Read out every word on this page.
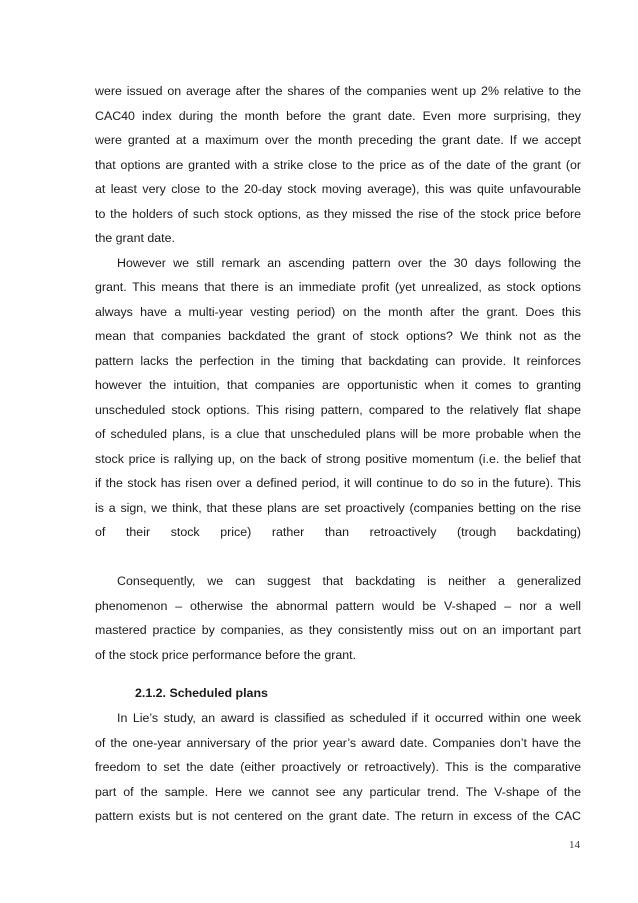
were issued on average after the shares of the companies went up 2% relative to the
CAC40 index during the month before the grant date. Even more surprising, they
were granted at a maximum over the month preceding the grant date. If we accept
that options are granted with a strike close to the price as of the date of the grant (or
at least very close to the 20-day stock moving average), this was quite unfavourable
to the holders of such stock options, as they missed the rise of the stock price before
the grant date.
However we still remark an ascending pattern over the 30 days following the
grant. This means that there is an immediate profit (yet unrealized, as stock options
always have a multi-year vesting period) on the month after the grant. Does this
mean that companies backdated the grant of stock options? We think not as the
pattern lacks the perfection in the timing that backdating can provide. It reinforces
however the intuition, that companies are opportunistic when it comes to granting
unscheduled stock options. This rising pattern, compared to the relatively flat shape
of scheduled plans, is a clue that unscheduled plans will be more probable when the
stock price is rallying up, on the back of strong positive momentum (i.e. the belief that
if the stock has risen over a defined period, it will continue to do so in the future). This
is a sign, we think, that these plans are set proactively (companies betting on the rise
of their stock price) rather than retroactively (trough backdating)
Consequently, we can suggest that backdating is neither a generalized
phenomenon – otherwise the abnormal pattern would be V-shaped – nor a well
mastered practice by companies, as they consistently miss out on an important part
of the stock price performance before the grant.
2.1.2. Scheduled plans
In Lie’s study, an award is classified as scheduled if it occurred within one week
of the one-year anniversary of the prior year’s award date. Companies don’t have the
freedom to set the date (either proactively or retroactively). This is the comparative
part of the sample. Here we cannot see any particular trend. The V-shape of the
pattern exists but is not centered on the grant date. The return in excess of the CAC
14
